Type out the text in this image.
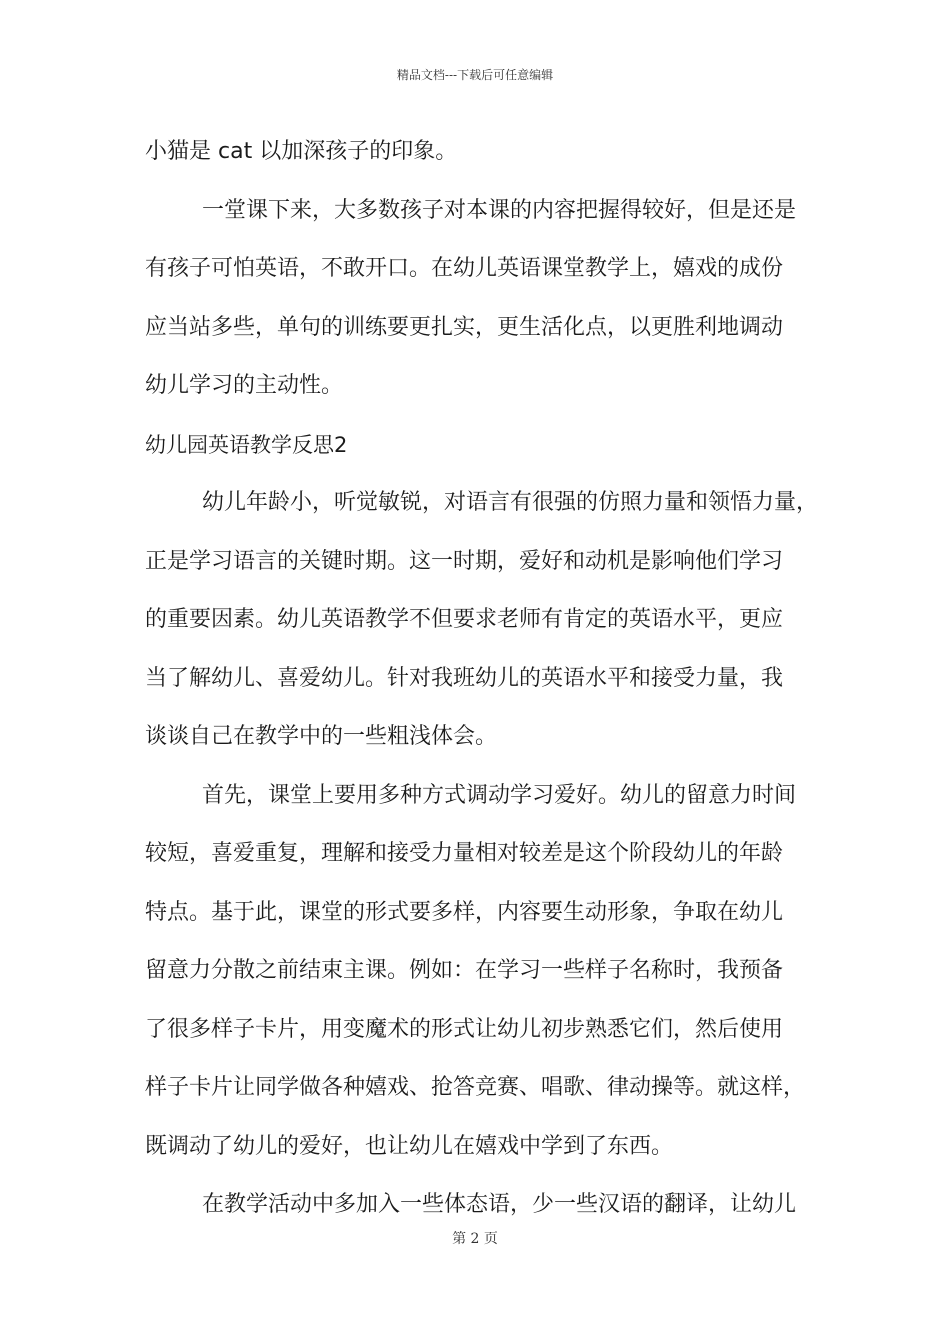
精品文档---下载后可任意编辑
小猫是 cat 以加深孩子的印象。
一堂课下来，大多数孩子对本课的内容把握得较好，但是还是
有孩子可怕英语，不敢开口。在幼儿英语课堂教学上，嬉戏的成份
应当站多些，单句的训练要更扎实，更生活化点，以更胜利地调动
幼儿学习的主动性。
幼儿园英语教学反思2
幼儿年龄小，听觉敏锐，对语言有很强的仿照力量和领悟力量，
正是学习语言的关键时期。这一时期，爱好和动机是影响他们学习
的重要因素。幼儿英语教学不但要求老师有肯定的英语水平，更应
当了解幼儿、喜爱幼儿。针对我班幼儿的英语水平和接受力量，我
谈谈自己在教学中的一些粗浅体会。
首先，课堂上要用多种方式调动学习爱好。幼儿的留意力时间
较短，喜爱重复，理解和接受力量相对较差是这个阶段幼儿的年龄
特点。基于此，课堂的形式要多样，内容要生动形象，争取在幼儿
留意力分散之前结束主课。例如：在学习一些样子名称时，我预备
了很多样子卡片，用变魔术的形式让幼儿初步熟悉它们，然后使用
样子卡片让同学做各种嬉戏、抢答竞赛、唱歌、律动操等。就这样，
既调动了幼儿的爱好，也让幼儿在嬉戏中学到了东西。
在教学活动中多加入一些体态语，少一些汉语的翻译，让幼儿
第 2 页
